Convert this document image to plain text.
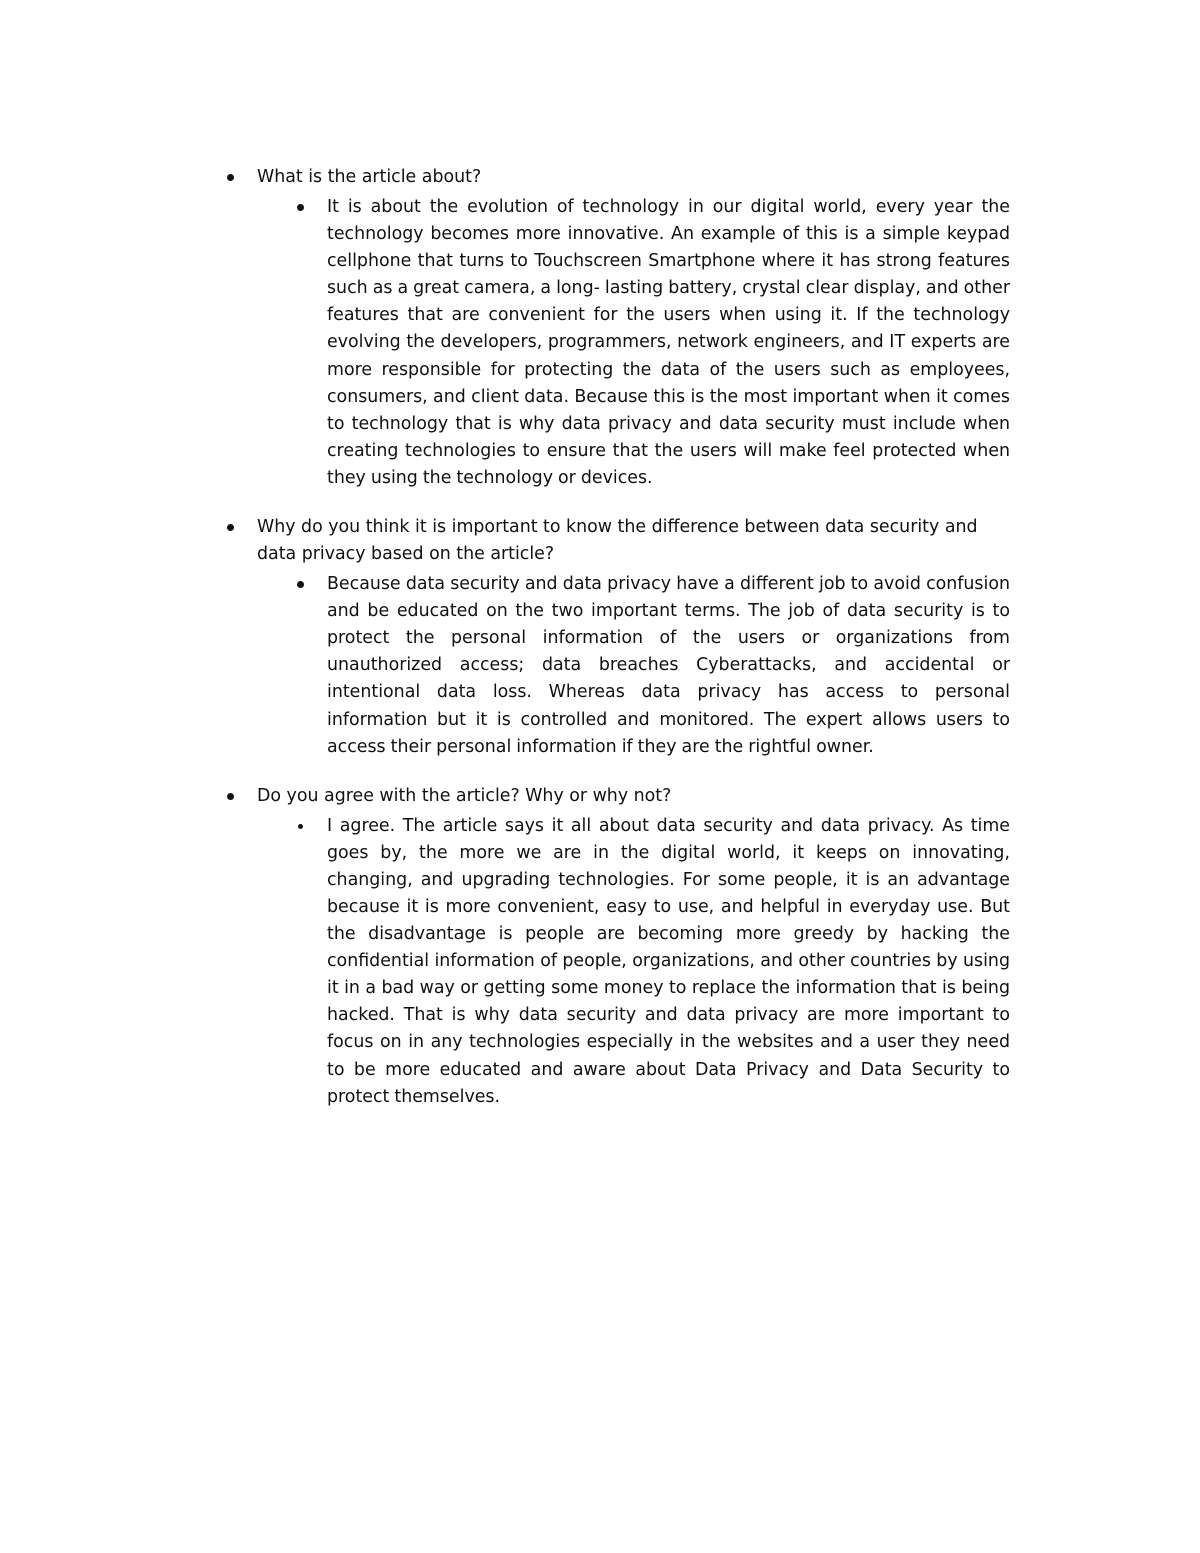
What is the article about?
It is about the evolution of technology in our digital world, every year the technology becomes more innovative. An example of this is a simple keypad cellphone that turns to Touchscreen Smartphone where it has strong features such as a great camera, a long- lasting battery, crystal clear display, and other features that are convenient for the users when using it. If the technology evolving the developers, programmers, network engineers, and IT experts are more responsible for protecting the data of the users such as employees, consumers, and client data. Because this is the most important when it comes to technology that is why data privacy and data security must include when creating technologies to ensure that the users will make feel protected when they using the technology or devices.
Why do you think it is important to know the difference between data security and data privacy based on the article?
Because data security and data privacy have a different job to avoid confusion and be educated on the two important terms. The job of data security is to protect the personal information of the users or organizations from unauthorized access; data breaches Cyberattacks, and accidental or intentional data loss. Whereas data privacy has access to personal information but it is controlled and monitored. The expert allows users to access their personal information if they are the rightful owner.
Do you agree with the article? Why or why not?
I agree. The article says it all about data security and data privacy. As time goes by, the more we are in the digital world, it keeps on innovating, changing, and upgrading technologies. For some people, it is an advantage because it is more convenient, easy to use, and helpful in everyday use. But the disadvantage is people are becoming more greedy by hacking the confidential information of people, organizations, and other countries by using it in a bad way or getting some money to replace the information that is being hacked. That is why data security and data privacy are more important to focus on in any technologies especially in the websites and a user they need to be more educated and aware about Data Privacy and Data Security to protect themselves.
